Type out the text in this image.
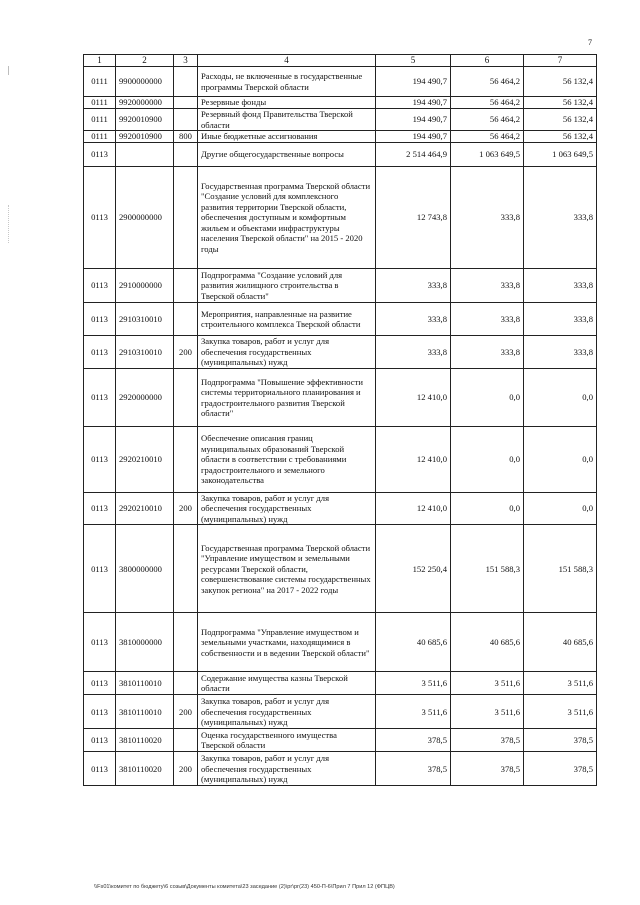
7
1	2	3	4	5	6	7
0111	9900000000		Расходы, не включенные в государственные программы Тверской области	194 490,7	56 464,2	56 132,4
0111	9920000000		Резервные фонды	194 490,7	56 464,2	56 132,4
0111	9920010900		Резервный фонд Правительства Тверской области	194 490,7	56 464,2	56 132,4
0111	9920010900	800	Иные бюджетные ассигнования	194 490,7	56 464,2	56 132,4
0113			Другие общегосударственные вопросы	2 514 464,9	1 063 649,5	1 063 649,5
0113	2900000000		Государственная программа Тверской области "Создание условий для комплексного развития территории Тверской области, обеспечения доступным и комфортным жильем и объектами инфраструктуры населения Тверской области" на 2015 - 2020 годы	12 743,8	333,8	333,8
0113	2910000000		Подпрограмма "Создание условий для развития жилищного строительства в Тверской области"	333,8	333,8	333,8
0113	2910310010		Мероприятия, направленные на развитие строительного комплекса Тверской области	333,8	333,8	333,8
0113	2910310010	200	Закупка товаров, работ и услуг для обеспечения государственных (муниципальных) нужд	333,8	333,8	333,8
0113	2920000000		Подпрограмма "Повышение эффективности системы территориального планирования и градостроительного развития Тверской области"	12 410,0	0,0	0,0
0113	2920210010		Обеспечение описания границ муниципальных образований Тверской области в соответствии с требованиями градостроительного и земельного законодательства	12 410,0	0,0	0,0
0113	2920210010	200	Закупка товаров, работ и услуг для обеспечения государственных (муниципальных) нужд	12 410,0	0,0	0,0
0113	3800000000		Государственная программа Тверской области "Управление имуществом и земельными ресурсами Тверской области, совершенствование системы государственных закупок региона" на 2017 - 2022 годы	152 250,4	151 588,3	151 588,3
0113	3810000000		Подпрограмма "Управление имуществом и земельными участками, находящимися в собственности и в ведении Тверской области"	40 685,6	40 685,6	40 685,6
0113	3810110010		Содержание имущества казны Тверской области	3 511,6	3 511,6	3 511,6
0113	3810110010	200	Закупка товаров, работ и услуг для обеспечения государственных (муниципальных) нужд	3 511,6	3 511,6	3 511,6
0113	3810110020		Оценка государственного имущества Тверской области	378,5	378,5	378,5
0113	3810110020	200	Закупка товаров, работ и услуг для обеспечения государственных (муниципальных) нужд	378,5	378,5	378,5
\\Fs01\комитет по бюджету\6 созыв\Документы комитета\23 заседание (2)\рг\рг(23) 450-П-6\Прил 7 Прил 12 (ФПЦВ)
